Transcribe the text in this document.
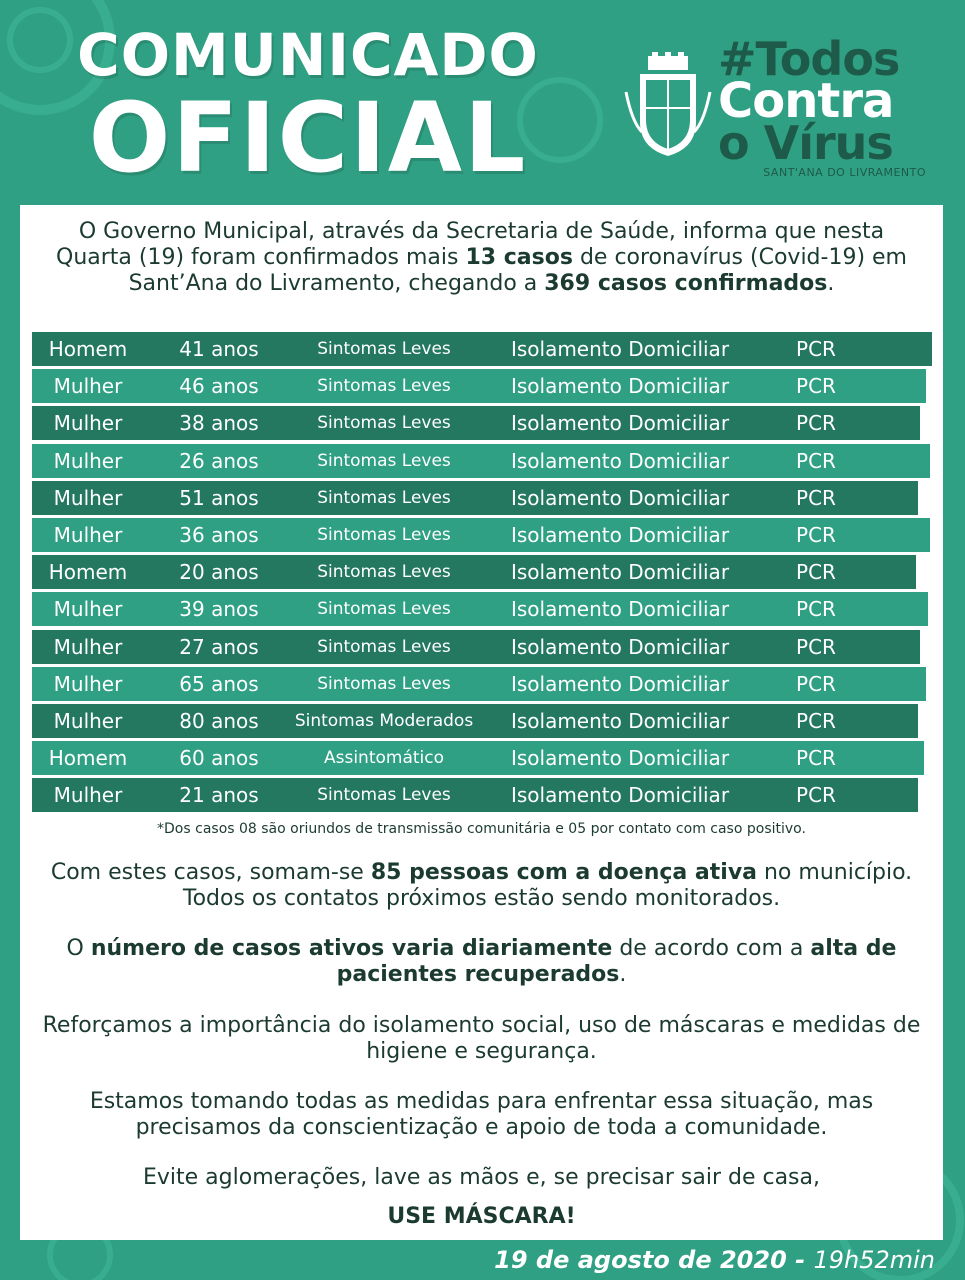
COMUNICADO
OFICIAL
#Todos
Contra
o Vírus
SANT'ANA DO LIVRAMENTO
O Governo Municipal, através da Secretaria de Saúde, informa que nesta Quarta (19) foram confirmados mais 13 casos de coronavírus (Covid-19) em Sant’Ana do Livramento, chegando a 369 casos confirmados.
Homem	41 anos	Sintomas Leves	Isolamento Domiciliar	PCR
Mulher	46 anos	Sintomas Leves	Isolamento Domiciliar	PCR
Mulher	38 anos	Sintomas Leves	Isolamento Domiciliar	PCR
Mulher	26 anos	Sintomas Leves	Isolamento Domiciliar	PCR
Mulher	51 anos	Sintomas Leves	Isolamento Domiciliar	PCR
Mulher	36 anos	Sintomas Leves	Isolamento Domiciliar	PCR
Homem	20 anos	Sintomas Leves	Isolamento Domiciliar	PCR
Mulher	39 anos	Sintomas Leves	Isolamento Domiciliar	PCR
Mulher	27 anos	Sintomas Leves	Isolamento Domiciliar	PCR
Mulher	65 anos	Sintomas Leves	Isolamento Domiciliar	PCR
Mulher	80 anos	Sintomas Moderados	Isolamento Domiciliar	PCR
Homem	60 anos	Assintomático	Isolamento Domiciliar	PCR
Mulher	21 anos	Sintomas Leves	Isolamento Domiciliar	PCR
*Dos casos 08 são oriundos de transmissão comunitária e 05 por contato com caso positivo.
Com estes casos, somam-se 85 pessoas com a doença ativa no município. Todos os contatos próximos estão sendo monitorados.
O número de casos ativos varia diariamente de acordo com a alta de pacientes recuperados.
Reforçamos a importância do isolamento social, uso de máscaras e medidas de higiene e segurança.
Estamos tomando todas as medidas para enfrentar essa situação, mas precisamos da conscientização e apoio de toda a comunidade.
Evite aglomerações, lave as mãos e, se precisar sair de casa,
USE MÁSCARA!
19 de agosto de 2020 - 19h52min
